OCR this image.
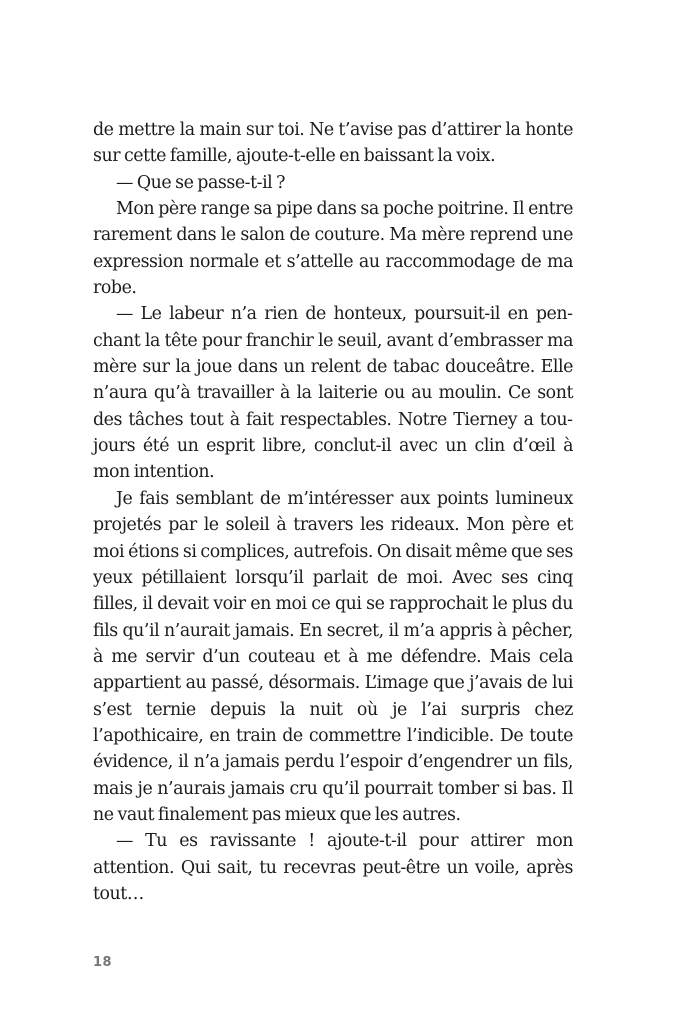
de mettre la main sur toi. Ne t’avise pas d’attirer la honte sur cette famille, ajoute-t-elle en baissant la voix.

— Que se passe-t-il ?

Mon père range sa pipe dans sa poche poitrine. Il entre rarement dans le salon de couture. Ma mère reprend une expression normale et s’attelle au raccommodage de ma robe.

— Le labeur n’a rien de honteux, poursuit-il en penchant la tête pour franchir le seuil, avant d’embrasser ma mère sur la joue dans un relent de tabac douceâtre. Elle n’aura qu’à travailler à la laiterie ou au moulin. Ce sont des tâches tout à fait respectables. Notre Tierney a toujours été un esprit libre, conclut-il avec un clin d’œil à mon intention.

Je fais semblant de m’intéresser aux points lumineux projetés par le soleil à travers les rideaux. Mon père et moi étions si complices, autrefois. On disait même que ses yeux pétillaient lorsqu’il parlait de moi. Avec ses cinq filles, il devait voir en moi ce qui se rapprochait le plus du fils qu’il n’aurait jamais. En secret, il m’a appris à pêcher, à me servir d’un couteau et à me défendre. Mais cela appartient au passé, désormais. L’image que j’avais de lui s’est ternie depuis la nuit où je l’ai surpris chez l’apothicaire, en train de commettre l’indicible. De toute évidence, il n’a jamais perdu l’espoir d’engendrer un fils, mais je n’aurais jamais cru qu’il pourrait tomber si bas. Il ne vaut finalement pas mieux que les autres.

— Tu es ravissante ! ajoute-t-il pour attirer mon attention. Qui sait, tu recevras peut-être un voile, après tout…

18
